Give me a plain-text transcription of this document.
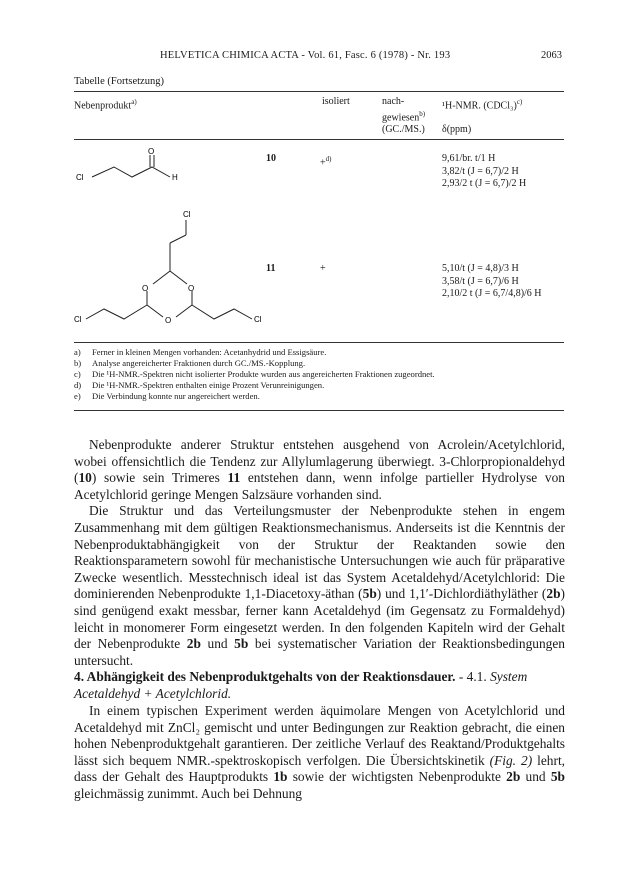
HELVETICA CHIMICA ACTA - Vol. 61, Fasc. 6 (1978) - Nr. 193	2063
Tabelle (Fortsetzung)
Nebenprodukt$^{a)}$	isoliert	nach-
gewiesen$^{b)}$
(GC./MS.)
¹H-NMR. (CDCl₃)$^{c)}$
δ(ppm)
O
Cl	H
10	+$^{d)}$	9,61/br. t/1 H
3,82/t (J = 6,7)/2 H
2,93/2 t (J = 6,7)/2 H
Cl
O	O
O
Cl	Cl
11	+	5,10/t (J = 4,8)/3 H
3,58/t (J = 6,7)/6 H
2,10/2 t (J = 6,7/4,8)/6 H
a) Ferner in kleinen Mengen vorhanden: Acetanhydrid und Essigsäure.
b) Analyse angereicherter Fraktionen durch GC./MS.-Kopplung.
c) Die ¹H-NMR.-Spektren nicht isolierter Produkte wurden aus angereicherten Fraktionen zugeordnet.
d) Die ¹H-NMR.-Spektren enthalten einige Prozent Verunreinigungen.
e) Die Verbindung konnte nur angereichert werden.

Nebenprodukte anderer Struktur entstehen ausgehend von Acrolein/Acetylchlorid, wobei offensichtlich die Tendenz zur Allylumlagerung überwiegt. 3-Chlorpropionaldehyd (10) sowie sein Trimeres 11 entstehen dann, wenn infolge partieller Hydrolyse von Acetylchlorid geringe Mengen Salzsäure vorhanden sind.

Die Struktur und das Verteilungsmuster der Nebenprodukte stehen in engem Zusammenhang mit dem gültigen Reaktionsmechanismus. Anderseits ist die Kenntnis der Nebenproduktabhängigkeit von der Struktur der Reaktanden sowie den Reaktionsparametern sowohl für mechanistische Untersuchungen wie auch für präparative Zwecke wesentlich. Messtechnisch ideal ist das System Acetaldehyd/Acetylchlorid: Die dominierenden Nebenprodukte 1,1-Diacetoxy-äthan (5b) und 1,1′-Dichlordiäthyläther (2b) sind genügend exakt messbar, ferner kann Acetaldehyd (im Gegensatz zu Formaldehyd) leicht in monomerer Form eingesetzt werden. In den folgenden Kapiteln wird der Gehalt der Nebenprodukte 2b und 5b bei systematischer Variation der Reaktionsbedingungen untersucht.

4. Abhängigkeit des Nebenproduktgehalts von der Reaktionsdauer. - 4.1. System Acetaldehyd + Acetylchlorid.

In einem typischen Experiment werden äquimolare Mengen von Acetylchlorid und Acetaldehyd mit ZnCl₂ gemischt und unter Bedingungen zur Reaktion gebracht, die einen hohen Nebenproduktgehalt garantieren. Der zeitliche Verlauf des Reaktand/Produktgehalts lässt sich bequem NMR.-spektroskopisch verfolgen. Die Übersichtskinetik (Fig. 2) lehrt, dass der Gehalt des Hauptprodukts 1b sowie der wichtigsten Nebenprodukte 2b und 5b gleichmässig zunimmt. Auch bei Dehnung
